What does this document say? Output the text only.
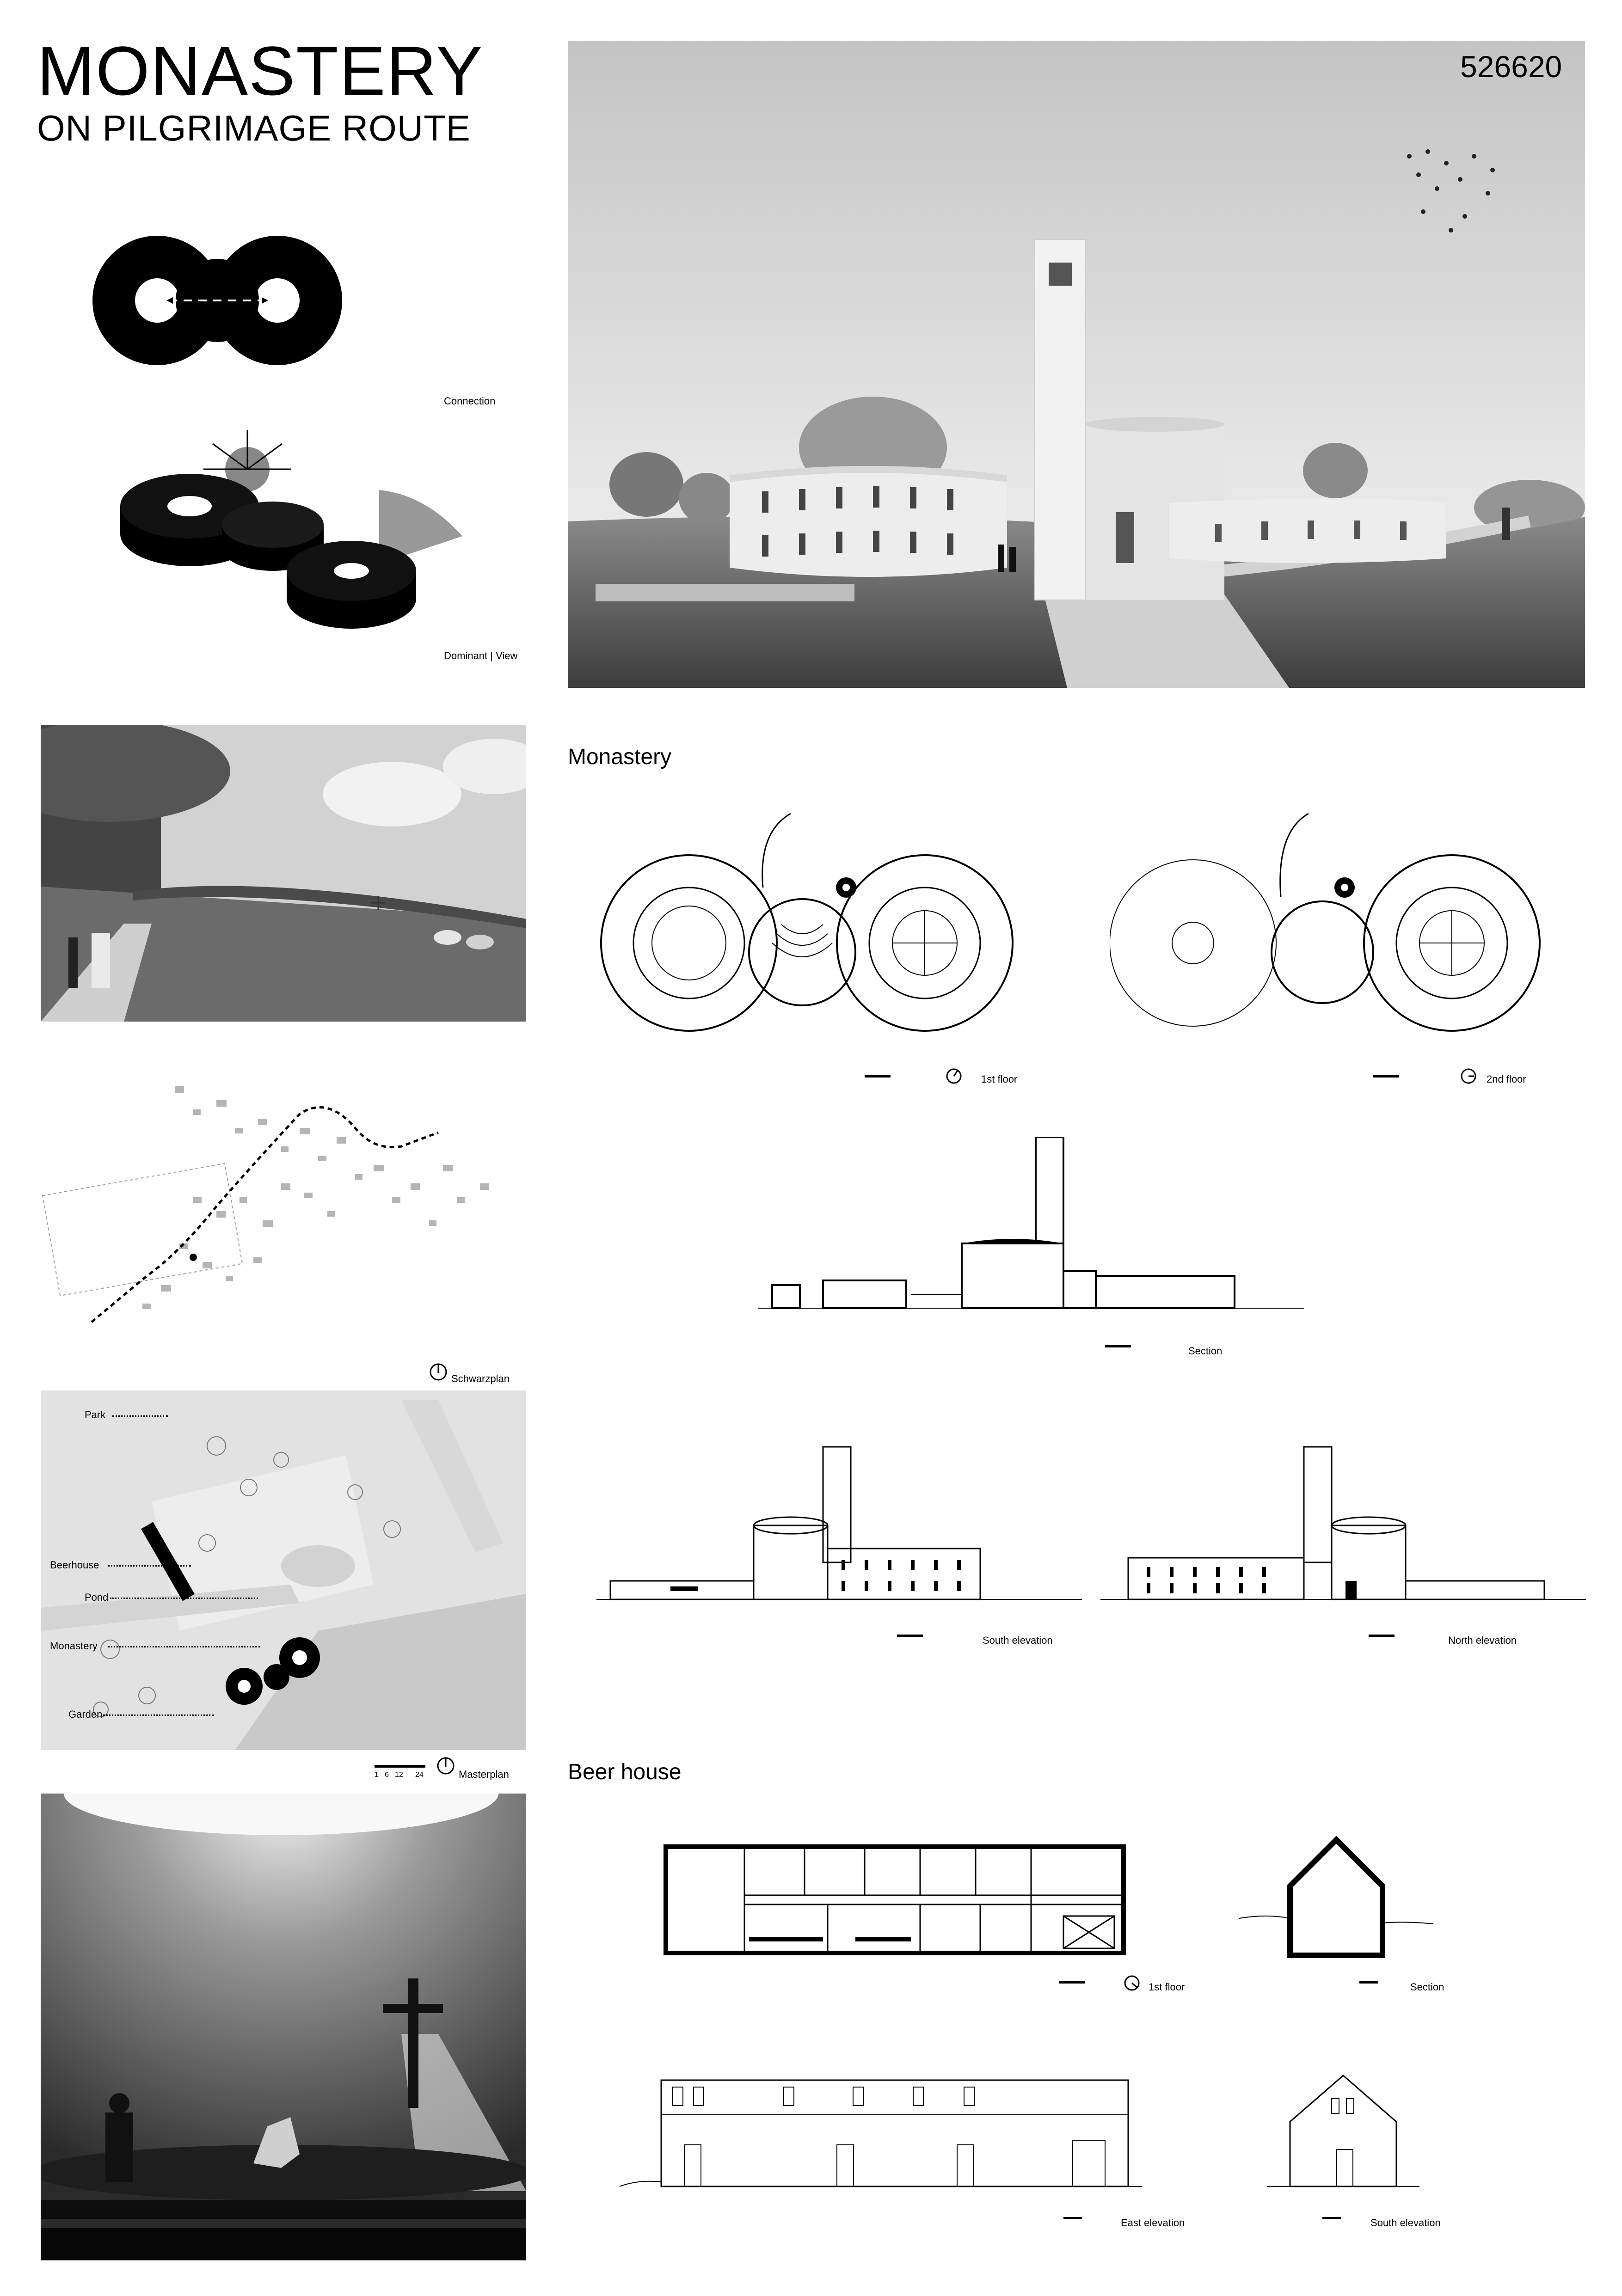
MONASTERY
ON PILGRIMAGE ROUTE
Connection
Dominant | View
526620
Schwarzplan
Park
Beerhouse
Pond
Monastery
Garden
1 6 12 24	Masterplan
Monastery
1st floor	2nd floor
Section
South elevation	North elevation
Beer house
1st floor	Section
East elevation	South elevation
